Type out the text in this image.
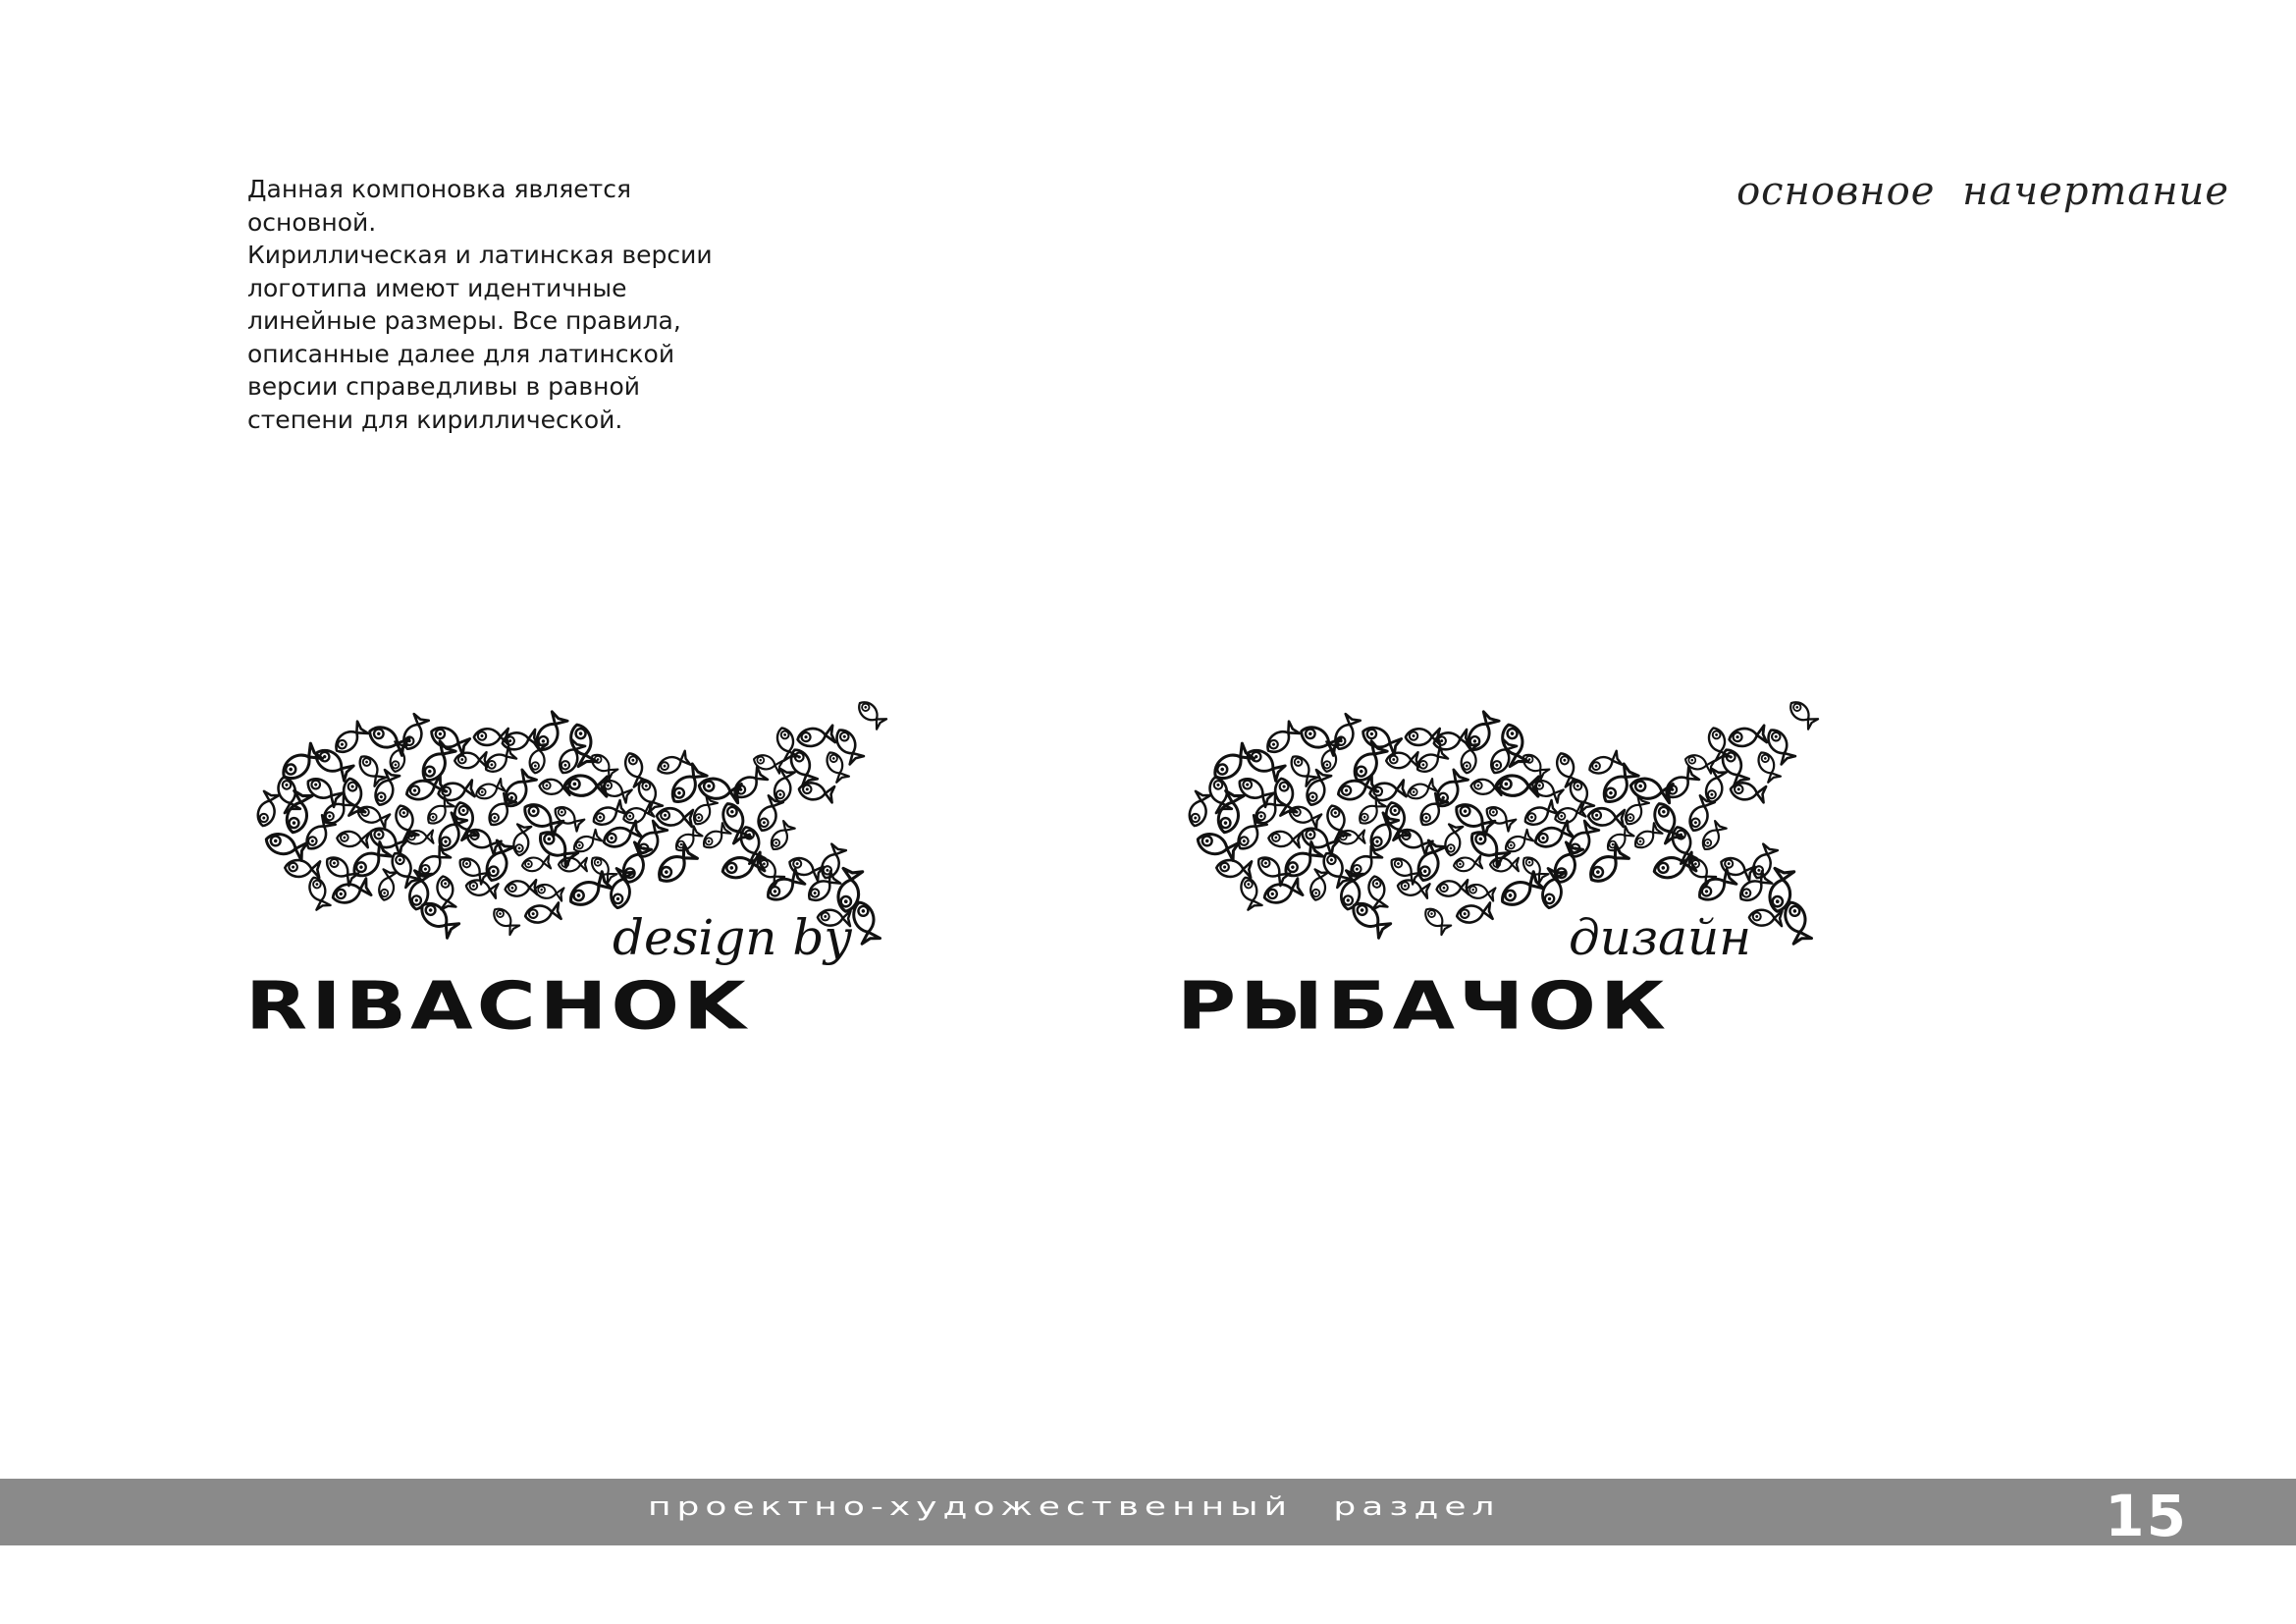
Данная компоновка является
основной.
Кириллическая и латинская версии
логотипа имеют идентичные
линейные размеры. Все правила,
описанные далее для латинской
версии справедливы в равной
степени для кириллической.
основное начертание
design by
RIBACHOK
дизайн
РЫБАЧОК
проектно-художественный раздел	15
